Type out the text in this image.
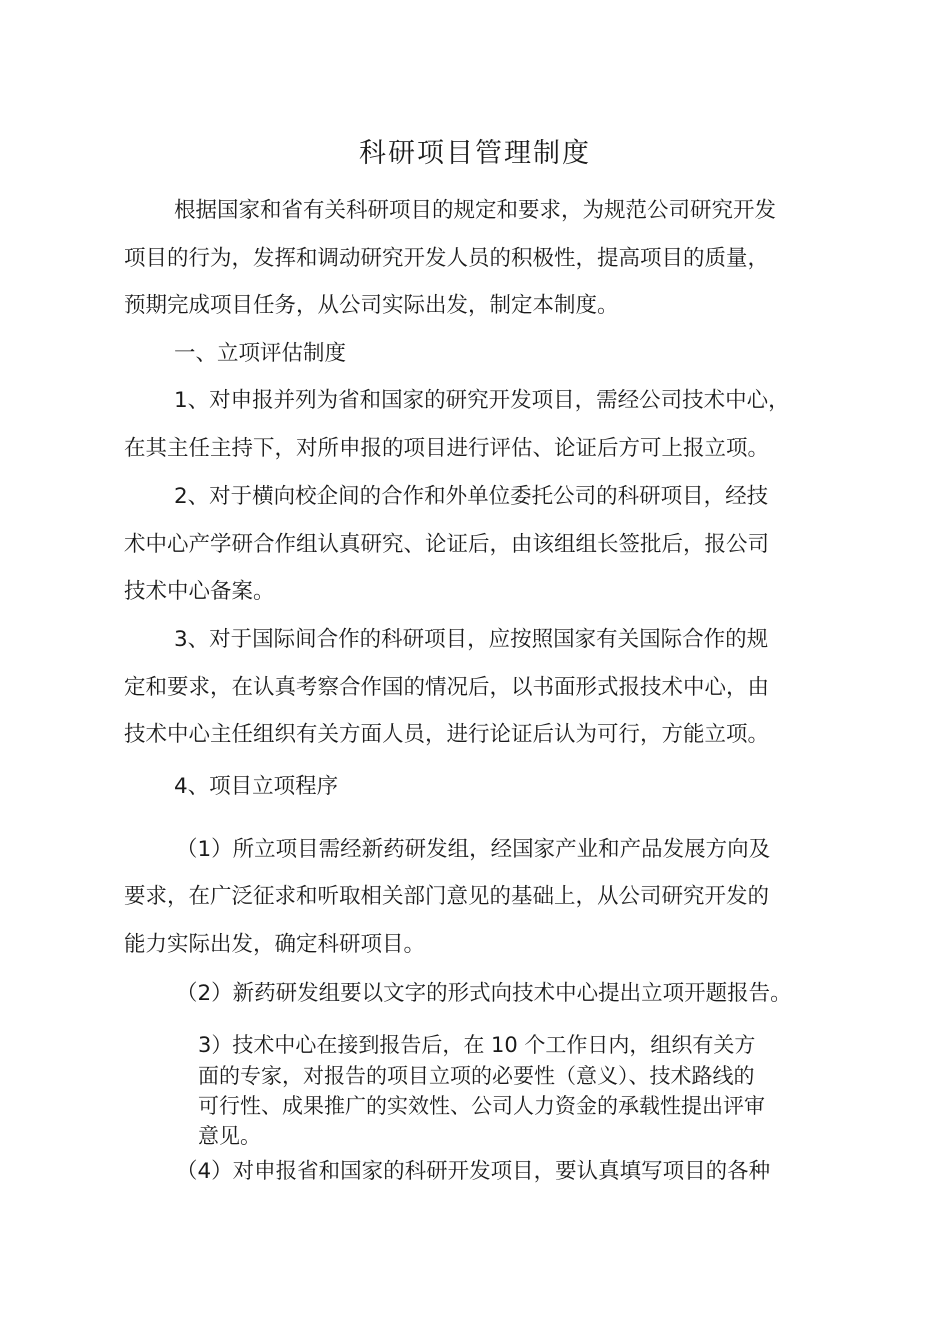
科研项目管理制度
根据国家和省有关科研项目的规定和要求，为规范公司研究开发
项目的行为，发挥和调动研究开发人员的积极性，提高项目的质量，
预期完成项目任务，从公司实际出发，制定本制度。
一、立项评估制度
1、对申报并列为省和国家的研究开发项目，需经公司技术中心，
在其主任主持下，对所申报的项目进行评估、论证后方可上报立项。
2、对于横向校企间的合作和外单位委托公司的科研项目，经技
术中心产学研合作组认真研究、论证后，由该组组长签批后，报公司
技术中心备案。
3、对于国际间合作的科研项目，应按照国家有关国际合作的规
定和要求，在认真考察合作国的情况后，以书面形式报技术中心，由
技术中心主任组织有关方面人员，进行论证后认为可行，方能立项。
4、项目立项程序
（1）所立项目需经新药研发组，经国家产业和产品发展方向及
要求，在广泛征求和听取相关部门意见的基础上，从公司研究开发的
能力实际出发，确定科研项目。
（2）新药研发组要以文字的形式向技术中心提出立项开题报告。
3）技术中心在接到报告后，在 10 个工作日内，组织有关方
面的专家，对报告的项目立项的必要性（意义）、技术路线的
可行性、成果推广的实效性、公司人力资金的承载性提出评审
意见。
（4）对申报省和国家的科研开发项目，要认真填写项目的各种
